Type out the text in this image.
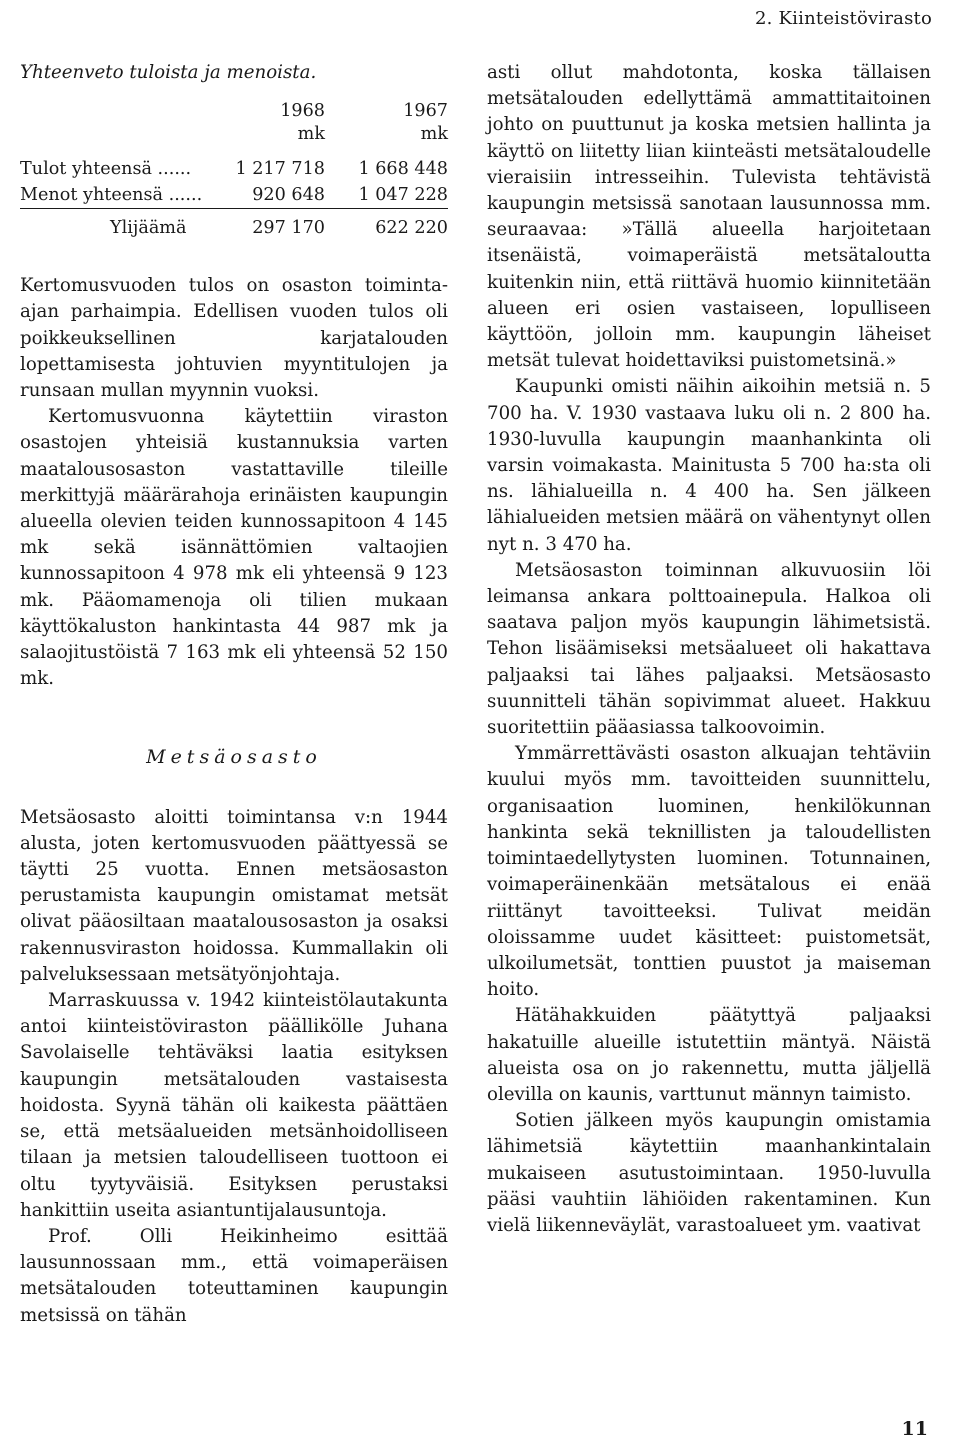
2. Kiinteistövirasto
Yhteenveto tuloista ja menoista.
	1968	1967
	mk	mk

Tulot yhteensä ......	1 217 718	1 668 448
Menot yhteensä ......	920 648	1 047 228
Ylijäämä	297 170	622 220

Kertomusvuoden tulos on osaston toiminta-ajan parhaimpia. Edellisen vuoden tulos oli poikkeuksellinen karjatalouden lopettamisesta johtuvien myyntitulojen ja runsaan mullan myynnin vuoksi.

Kertomusvuonna käytettiin viraston osastojen yhteisiä kustannuksia varten maatalousosaston vastattaville tileille merkittyjä määrärahoja erinäisten kaupungin alueella olevien teiden kunnossapitoon 4 145 mk sekä isännättömien valtaojien kunnossapitoon 4 978 mk eli yhteensä 9 123 mk. Pääomamenoja oli tilien mukaan käyttökaluston hankintasta 44 987 mk ja salaojitustöistä 7 163 mk eli yhteensä 52 150 mk.

Metsäosasto

Metsäosasto aloitti toimintansa v:n 1944 alusta, joten kertomusvuoden päättyessä se täytti 25 vuotta. Ennen metsäosaston perustamista kaupungin omistamat metsät olivat pääosiltaan maatalousosaston ja osaksi rakennusviraston hoidossa. Kummallakin oli palveluksessaan metsätyönjohtaja.

Marraskuussa v. 1942 kiinteistölautakunta antoi kiinteistöviraston päällikölle Juhana Savolaiselle tehtäväksi laatia esityksen kaupungin metsätalouden vastaisesta hoidosta. Syynä tähän oli kaikesta päättäen se, että metsäalueiden metsänhoidolliseen tilaan ja metsien taloudelliseen tuottoon ei oltu tyytyväisiä. Esityksen perustaksi hankittiin useita asiantuntijalausuntoja.

Prof. Olli Heikinheimo esittää lausunnossaan mm., että voimaperäisen metsätalouden toteuttaminen kaupungin metsissä on tähän

asti ollut mahdotonta, koska tällaisen metsätalouden edellyttämä ammattitaitoinen johto on puuttunut ja koska metsien hallinta ja käyttö on liitetty liian kiinteästi metsätaloudelle vieraisiin intresseihin. Tulevista tehtävistä kaupungin metsissä sanotaan lausunnossa mm. seuraavaa: »Tällä alueella harjoitetaan itsenäistä, voimaperäistä metsätaloutta kuitenkin niin, että riittävä huomio kiinnitetään alueen eri osien vastaiseen, lopulliseen käyttöön, jolloin mm. kaupungin läheiset metsät tulevat hoidettaviksi puistometsinä.»

Kaupunki omisti näihin aikoihin metsiä n. 5 700 ha. V. 1930 vastaava luku oli n. 2 800 ha. 1930-luvulla kaupungin maanhankinta oli varsin voimakasta. Mainitusta 5 700 ha:sta oli ns. lähialueilla n. 4 400 ha. Sen jälkeen lähialueiden metsien määrä on vähentynyt ollen nyt n. 3 470 ha.

Metsäosaston toiminnan alkuvuosiin löi leimansa ankara polttoainepula. Halkoa oli saatava paljon myös kaupungin lähimetsistä. Tehon lisäämiseksi metsäalueet oli hakattava paljaaksi tai lähes paljaaksi. Metsäosasto suunnitteli tähän sopivimmat alueet. Hakkuu suoritettiin pääasiassa talkoovoimin.

Ymmärrettävästi osaston alkuajan tehtäviin kuului myös mm. tavoitteiden suunnittelu, organisaation luominen, henkilökunnan hankinta sekä teknillisten ja taloudellisten toimintaedellytysten luominen. Totunnainen, voimaperäinenkään metsätalous ei enää riittänyt tavoitteeksi. Tulivat meidän oloissamme uudet käsitteet: puistometsät, ulkoilumetsät, tonttien puustot ja maiseman hoito.

Hätähakkuiden päätyttyä paljaaksi hakatuille alueille istutettiin mäntyä. Näistä alueista osa on jo rakennettu, mutta jäljellä olevilla on kaunis, varttunut männyn taimisto.

Sotien jälkeen myös kaupungin omistamia lähimetsiä käytettiin maanhankintalain mukaiseen asutustoimintaan. 1950-luvulla pääsi vauhtiin lähiöiden rakentaminen. Kun vielä liikenneväylät, varastoalueet ym. vaativat

11
